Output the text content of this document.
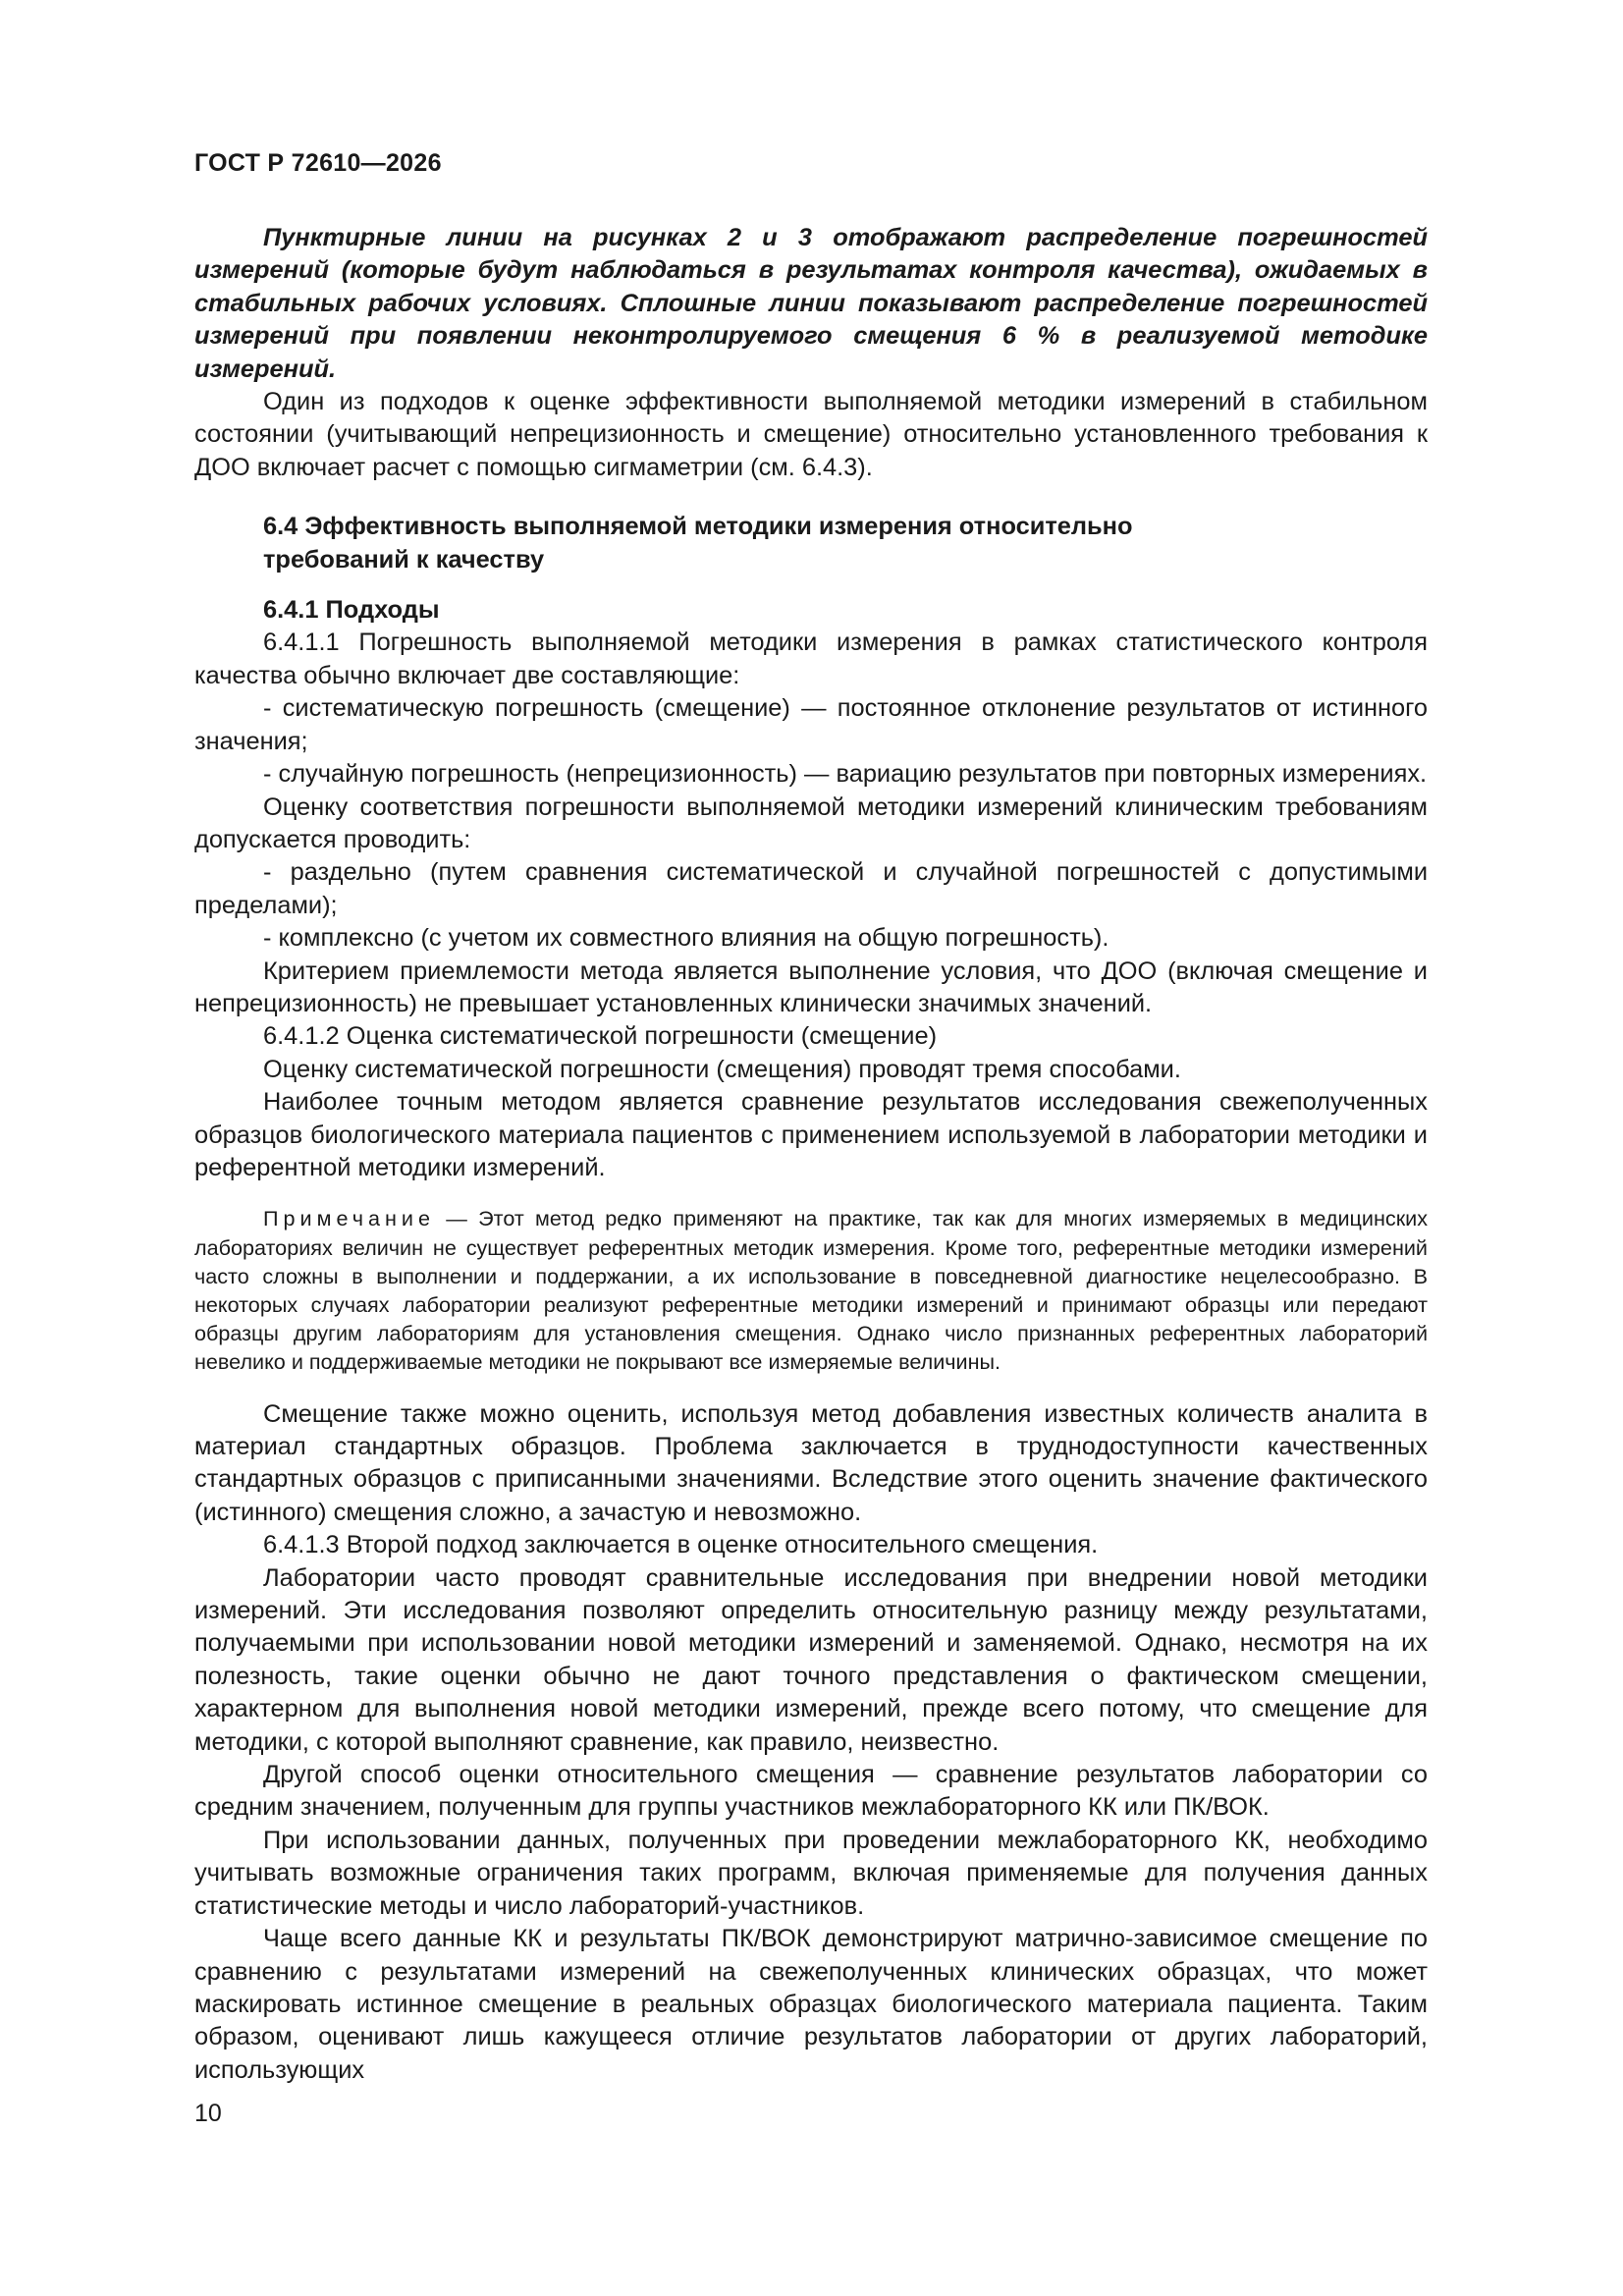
ГОСТ Р 72610—2026

Пунктирные линии на рисунках 2 и 3 отображают распределение погрешностей измерений (которые будут наблюдаться в результатах контроля качества), ожидаемых в стабильных рабочих условиях. Сплошные линии показывают распределение погрешностей измерений при появлении неконтролируемого смещения 6 % в реализуемой методике измерений.

Один из подходов к оценке эффективности выполняемой методики измерений в стабильном состоянии (учитывающий непрецизионность и смещение) относительно установленного требования к ДОО включает расчет с помощью сигмаметрии (см. 6.4.3).

6.4 Эффективность выполняемой методики измерения относительно требований к качеству

6.4.1 Подходы

6.4.1.1 Погрешность выполняемой методики измерения в рамках статистического контроля качества обычно включает две составляющие:

- систематическую погрешность (смещение) — постоянное отклонение результатов от истинного значения;

- случайную погрешность (непрецизионность) — вариацию результатов при повторных измерениях.

Оценку соответствия погрешности выполняемой методики измерений клиническим требованиям допускается проводить:

- раздельно (путем сравнения систематической и случайной погрешностей с допустимыми пределами);

- комплексно (с учетом их совместного влияния на общую погрешность).

Критерием приемлемости метода является выполнение условия, что ДОО (включая смещение и непрецизионность) не превышает установленных клинически значимых значений.

6.4.1.2 Оценка систематической погрешности (смещение)

Оценку систематической погрешности (смещения) проводят тремя способами.

Наиболее точным методом является сравнение результатов исследования свежеполученных образцов биологического материала пациентов с применением используемой в лаборатории методики и референтной методики измерений.

Примечание — Этот метод редко применяют на практике, так как для многих измеряемых в медицинских лабораториях величин не существует референтных методик измерения. Кроме того, референтные методики измерений часто сложны в выполнении и поддержании, а их использование в повседневной диагностике нецелесообразно. В некоторых случаях лаборатории реализуют референтные методики измерений и принимают образцы или передают образцы другим лабораториям для установления смещения. Однако число признанных референтных лабораторий невелико и поддерживаемые методики не покрывают все измеряемые величины.

Смещение также можно оценить, используя метод добавления известных количеств аналита в материал стандартных образцов. Проблема заключается в труднодоступности качественных стандартных образцов с приписанными значениями. Вследствие этого оценить значение фактического (истинного) смещения сложно, а зачастую и невозможно.

6.4.1.3 Второй подход заключается в оценке относительного смещения.

Лаборатории часто проводят сравнительные исследования при внедрении новой методики измерений. Эти исследования позволяют определить относительную разницу между результатами, получаемыми при использовании новой методики измерений и заменяемой. Однако, несмотря на их полезность, такие оценки обычно не дают точного представления о фактическом смещении, характерном для выполнения новой методики измерений, прежде всего потому, что смещение для методики, с которой выполняют сравнение, как правило, неизвестно.

Другой способ оценки относительного смещения — сравнение результатов лаборатории со средним значением, полученным для группы участников межлабораторного КК или ПК/ВОК.

При использовании данных, полученных при проведении межлабораторного КК, необходимо учитывать возможные ограничения таких программ, включая применяемые для получения данных статистические методы и число лабораторий-участников.

Чаще всего данные КК и результаты ПК/ВОК демонстрируют матрично-зависимое смещение по сравнению с результатами измерений на свежеполученных клинических образцах, что может маскировать истинное смещение в реальных образцах биологического материала пациента. Таким образом, оценивают лишь кажущееся отличие результатов лаборатории от других лабораторий, использующих

10
